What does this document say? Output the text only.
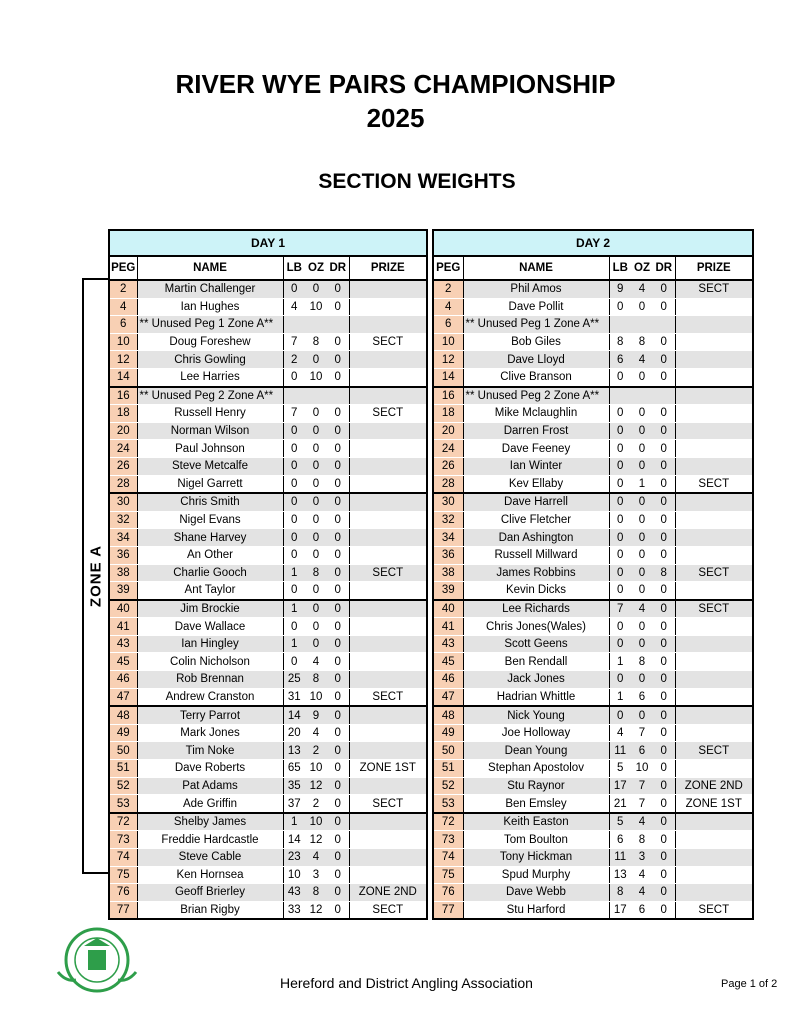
RIVER WYE PAIRS CHAMPIONSHIP
2025
SECTION WEIGHTS
ZONE A
DAY 1					
PEG	NAME	LB	OZ	DR	PRIZE
2	Martin Challenger	0	0	0	
4	Ian Hughes	4	10	0	
6	** Unused Peg 1 Zone A**				
10	Doug Foreshew	7	8	0	SECT
12	Chris Gowling	2	0	0	
14	Lee Harries	0	10	0	
16	** Unused Peg 2 Zone A**				
18	Russell Henry	7	0	0	SECT
20	Norman Wilson	0	0	0	
24	Paul Johnson	0	0	0	
26	Steve Metcalfe	0	0	0	
28	Nigel Garrett	0	0	0	
30	Chris Smith	0	0	0	
32	Nigel Evans	0	0	0	
34	Shane Harvey	0	0	0	
36	An Other	0	0	0	
38	Charlie Gooch	1	8	0	SECT
39	Ant Taylor	0	0	0	
40	Jim Brockie	1	0	0	
41	Dave Wallace	0	0	0	
43	Ian Hingley	1	0	0	
45	Colin Nicholson	0	4	0	
46	Rob Brennan	25	8	0	
47	Andrew Cranston	31	10	0	SECT
48	Terry Parrot	14	9	0	
49	Mark Jones	20	4	0	
50	Tim Noke	13	2	0	
51	Dave Roberts	65	10	0	ZONE 1ST
52	Pat Adams	35	12	0	
53	Ade Griffin	37	2	0	SECT
72	Shelby James	1	10	0	
73	Freddie Hardcastle	14	12	0	
74	Steve Cable	23	4	0	
75	Ken Hornsea	10	3	0	
76	Geoff Brierley	43	8	0	ZONE 2ND
77	Brian Rigby	33	12	0	SECT
DAY 2					
PEG	NAME	LB	OZ	DR	PRIZE
2	Phil Amos	9	4	0	SECT
4	Dave Pollit	0	0	0	
6	** Unused Peg 1 Zone A**				
10	Bob Giles	8	8	0	
12	Dave Lloyd	6	4	0	
14	Clive Branson	0	0	0	
16	** Unused Peg 2 Zone A**				
18	Mike Mclaughlin	0	0	0	
20	Darren Frost	0	0	0	
24	Dave Feeney	0	0	0	
26	Ian Winter	0	0	0	
28	Kev Ellaby	0	1	0	SECT
30	Dave Harrell	0	0	0	
32	Clive Fletcher	0	0	0	
34	Dan Ashington	0	0	0	
36	Russell Millward	0	0	0	
38	James Robbins	0	0	8	SECT
39	Kevin Dicks	0	0	0	
40	Lee Richards	7	4	0	SECT
41	Chris Jones(Wales)	0	0	0	
43	Scott Geens	0	0	0	
45	Ben Rendall	1	8	0	
46	Jack Jones	0	0	0	
47	Hadrian Whittle	1	6	0	
48	Nick Young	0	0	0	
49	Joe Holloway	4	7	0	
50	Dean Young	11	6	0	SECT
51	Stephan Apostolov	5	10	0	
52	Stu Raynor	17	7	0	ZONE 2ND
53	Ben Emsley	21	7	0	ZONE 1ST
72	Keith Easton	5	4	0	
73	Tom Boulton	6	8	0	
74	Tony Hickman	11	3	0	
75	Spud Murphy	13	4	0	
76	Dave Webb	8	4	0	
77	Stu Harford	17	6	0	SECT
Hereford and District Angling Association	Page 1 of 2
